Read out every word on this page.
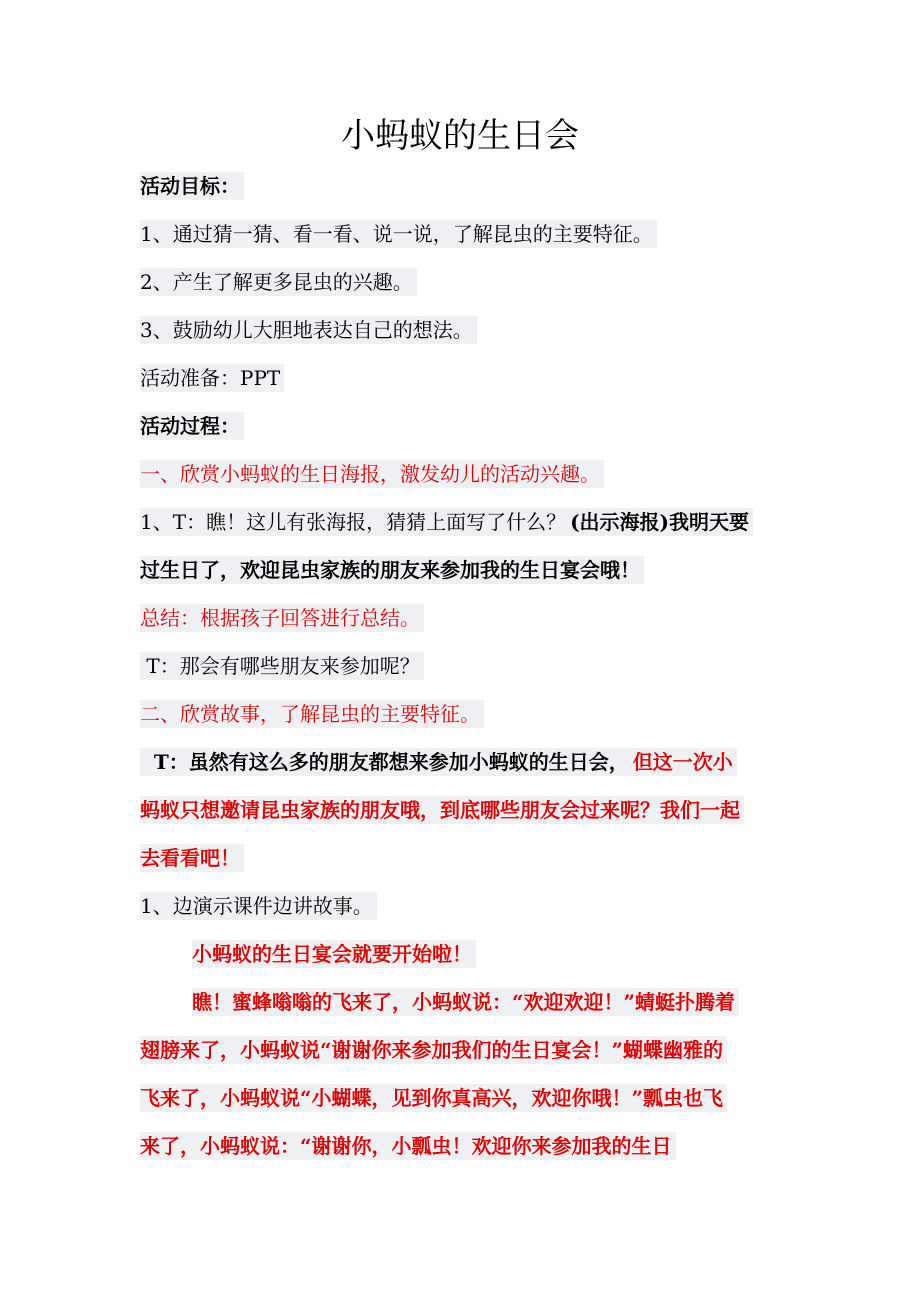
小蚂蚁的生日会
活动目标：
1、通过猜一猜、看一看、说一说，了解昆虫的主要特征。
2、产生了解更多昆虫的兴趣。
3、鼓励幼儿大胆地表达自己的想法。
活动准备：PPT
活动过程：
一、欣赏小蚂蚁的生日海报，激发幼儿的活动兴趣。
1、T：瞧！这儿有张海报，猜猜上面写了什么？ (出示海报)我明天要
过生日了，欢迎昆虫家族的朋友来参加我的生日宴会哦！
总结：根据孩子回答进行总结。
T：那会有哪些朋友来参加呢？
二、欣赏故事，了解昆虫的主要特征。
T：虽然有这么多的朋友都想来参加小蚂蚁的生日会， 但这一次小
蚂蚁只想邀请昆虫家族的朋友哦，到底哪些朋友会过来呢？我们一起
去看看吧！
1、边演示课件边讲故事。
小蚂蚁的生日宴会就要开始啦！
瞧！蜜蜂嗡嗡的飞来了，小蚂蚁说：“欢迎欢迎！”蜻蜓扑腾着
翅膀来了，小蚂蚁说“谢谢你来参加我们的生日宴会！”蝴蝶幽雅的
飞来了，小蚂蚁说“小蝴蝶，见到你真高兴，欢迎你哦！”瓢虫也飞
来了，小蚂蚁说：“谢谢你，小瓢虫！欢迎你来参加我的生日
